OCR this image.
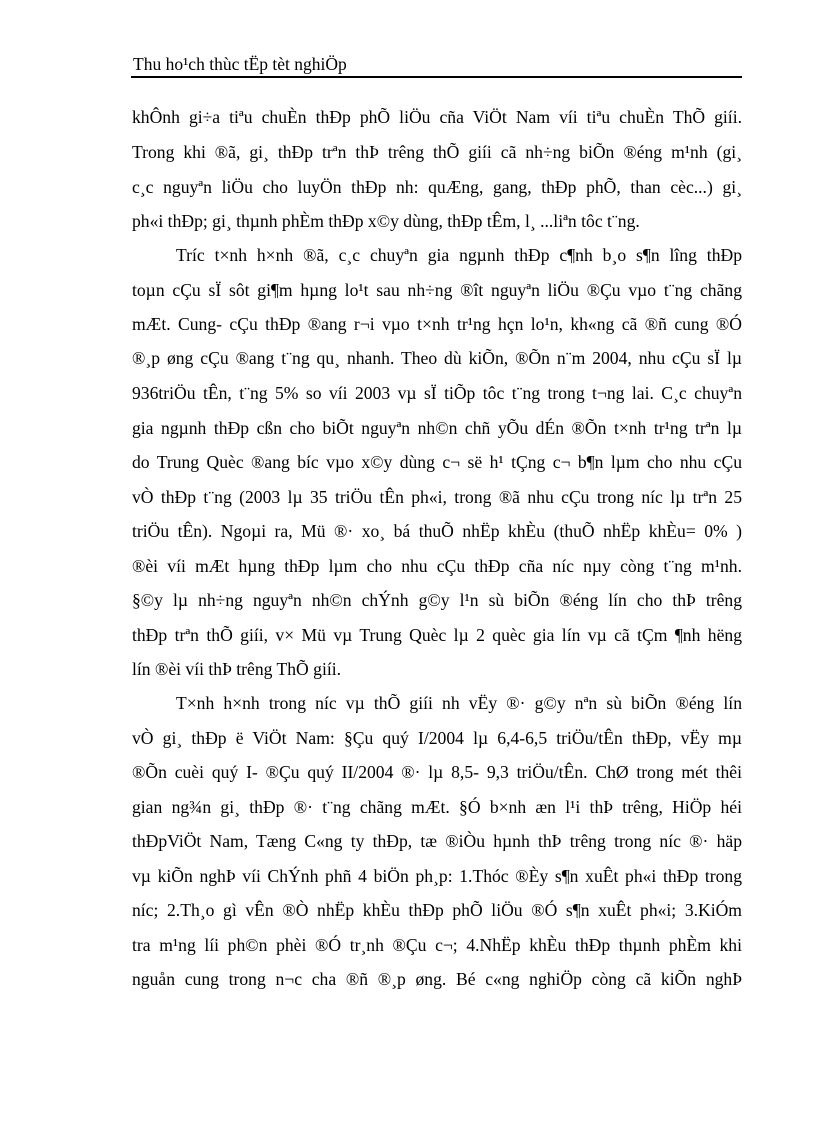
Thu ho¹ch thùc tËp tèt nghiÖp
khÔnh gi÷a tiªu chuÈn thÐp phÕ liÖu cña ViÖt Nam víi tiªu chuÈn ThÕ giíi.
Trong khi ®ã, gi¸ thÐp trªn thÞ trêng thÕ giíi cã nh÷ng biÕn ®éng m¹nh (gi¸
c¸c nguyªn liÖu cho luyÖn thÐp nh: quÆng, gang, thÐp phÕ, than cèc...) gi¸
ph«i thÐp; gi¸ thµnh phÈm thÐp x©y dùng, thÐp tÊm, l¸ ...liªn tôc t¨ng.
Tríc t×nh h×nh ®ã, c¸c chuyªn gia ngµnh thÐp c¶nh b¸o s¶n lîng thÐp
toµn cÇu sÏ sôt gi¶m hµng lo¹t sau nh÷ng ®ît nguyªn liÖu ®Çu vµo t¨ng chãng
mÆt. Cung- cÇu thÐp ®ang r¬i vµo t×nh tr¹ng hçn lo¹n, kh«ng cã ®ñ cung ®Ó
®¸p øng cÇu ®ang t¨ng qu¸ nhanh. Theo dù kiÕn, ®Õn n¨m 2004, nhu cÇu sÏ lµ
936triÖu tÊn, t¨ng 5% so víi 2003 vµ sÏ tiÕp tôc t¨ng trong t¬ng lai. C¸c chuyªn
gia ngµnh thÐp cßn cho biÕt nguyªn nh©n chñ yÕu dÉn ®Õn t×nh tr¹ng trªn lµ
do Trung Quèc ®ang bíc vµo x©y dùng c¬ së h¹ tÇng c¬ b¶n lµm cho nhu cÇu
vÒ thÐp t¨ng (2003 lµ 35 triÖu tÊn ph«i, trong ®ã nhu cÇu trong níc lµ trªn 25
triÖu tÊn). Ngoµi ra, Mü ®· xo¸ bá thuÕ nhËp khÈu (thuÕ nhËp khÈu= 0% )
®èi víi mÆt hµng thÐp lµm cho nhu cÇu thÐp cña níc nµy còng t¨ng m¹nh.
§©y lµ nh÷ng nguyªn nh©n chÝnh g©y l¹n sù biÕn ®éng lín cho thÞ trêng
thÐp trªn thÕ giíi, v× Mü vµ Trung Quèc lµ 2 quèc gia lín vµ cã tÇm ¶nh hëng
lín ®èi víi thÞ trêng ThÕ giíi.
T×nh h×nh trong níc vµ thÕ giíi nh vËy ®· g©y nªn sù biÕn ®éng lín
vÒ gi¸ thÐp ë ViÖt Nam: §Çu quý I/2004 lµ 6,4-6,5 triÖu/tÊn thÐp, vËy mµ
®Õn cuèi quý I- ®Çu quý II/2004 ®· lµ 8,5- 9,3 triÖu/tÊn. ChØ trong mét thêi
gian ng¾n gi¸ thÐp ®· t¨ng chãng mÆt. §Ó b×nh æn l¹i thÞ trêng, HiÖp héi
thÐpViÖt Nam, Tæng C«ng ty thÐp, tæ ®iÒu hµnh thÞ trêng trong níc ®· häp
vµ kiÕn nghÞ víi ChÝnh phñ 4 biÖn ph¸p: 1.Thóc ®Èy s¶n xuÊt ph«i thÐp trong
níc; 2.Th¸o gì vÊn ®Ò nhËp khÈu thÐp phÕ liÖu ®Ó s¶n xuÊt ph«i; 3.KiÓm
tra m¹ng líi ph©n phèi ®Ó tr¸nh ®Çu c¬; 4.NhËp khÈu thÐp thµnh phÈm khi
nguån cung trong n¬c cha ®ñ ®¸p øng. Bé c«ng nghiÖp còng cã kiÕn nghÞ
